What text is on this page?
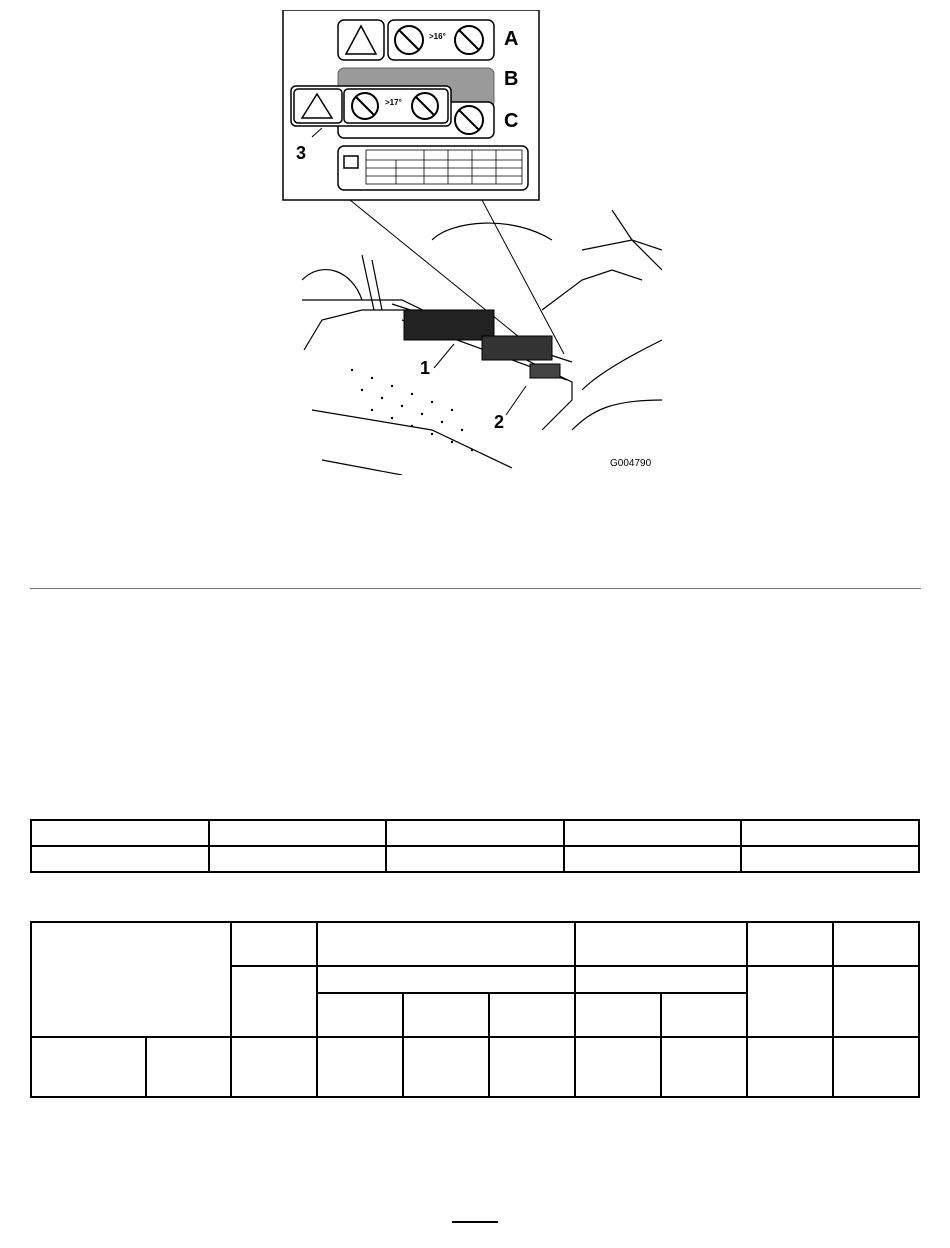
A
B
C
>16°
>17°
1
2
3
G004790
